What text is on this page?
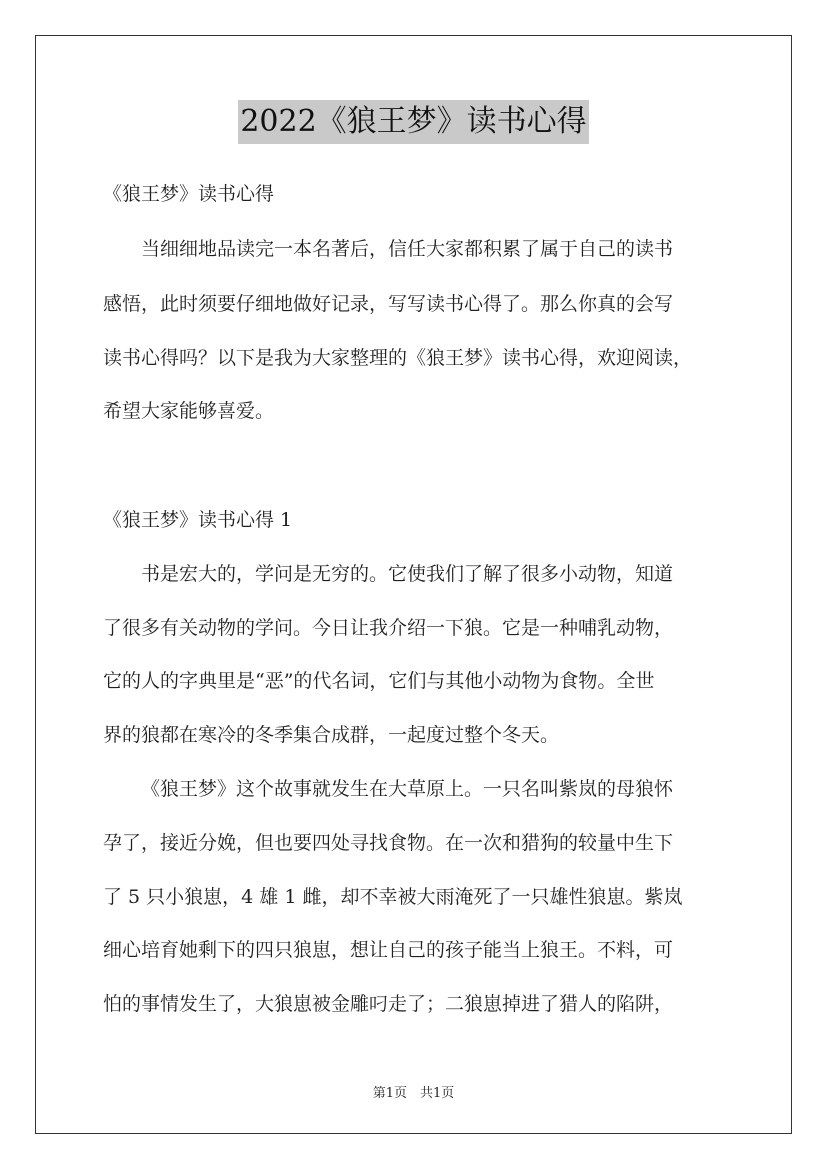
2022《狼王梦》读书心得
《狼王梦》读书心得
当细细地品读完一本名著后，信任大家都积累了属于自己的读书
感悟，此时须要仔细地做好记录，写写读书心得了。那么你真的会写
读书心得吗？以下是我为大家整理的《狼王梦》读书心得，欢迎阅读，
希望大家能够喜爱。
《狼王梦》读书心得 1
书是宏大的，学问是无穷的。它使我们了解了很多小动物，知道
了很多有关动物的学问。今日让我介绍一下狼。它是一种哺乳动物，
它的人的字典里是“恶”的代名词，它们与其他小动物为食物。全世
界的狼都在寒冷的冬季集合成群，一起度过整个冬天。
《狼王梦》这个故事就发生在大草原上。一只名叫紫岚的母狼怀
孕了，接近分娩，但也要四处寻找食物。在一次和猎狗的较量中生下
了 5 只小狼崽，4 雄 1 雌，却不幸被大雨淹死了一只雄性狼崽。紫岚
细心培育她剩下的四只狼崽，想让自己的孩子能当上狼王。不料，可
怕的事情发生了，大狼崽被金雕叼走了；二狼崽掉进了猎人的陷阱，
第1页　共1页
